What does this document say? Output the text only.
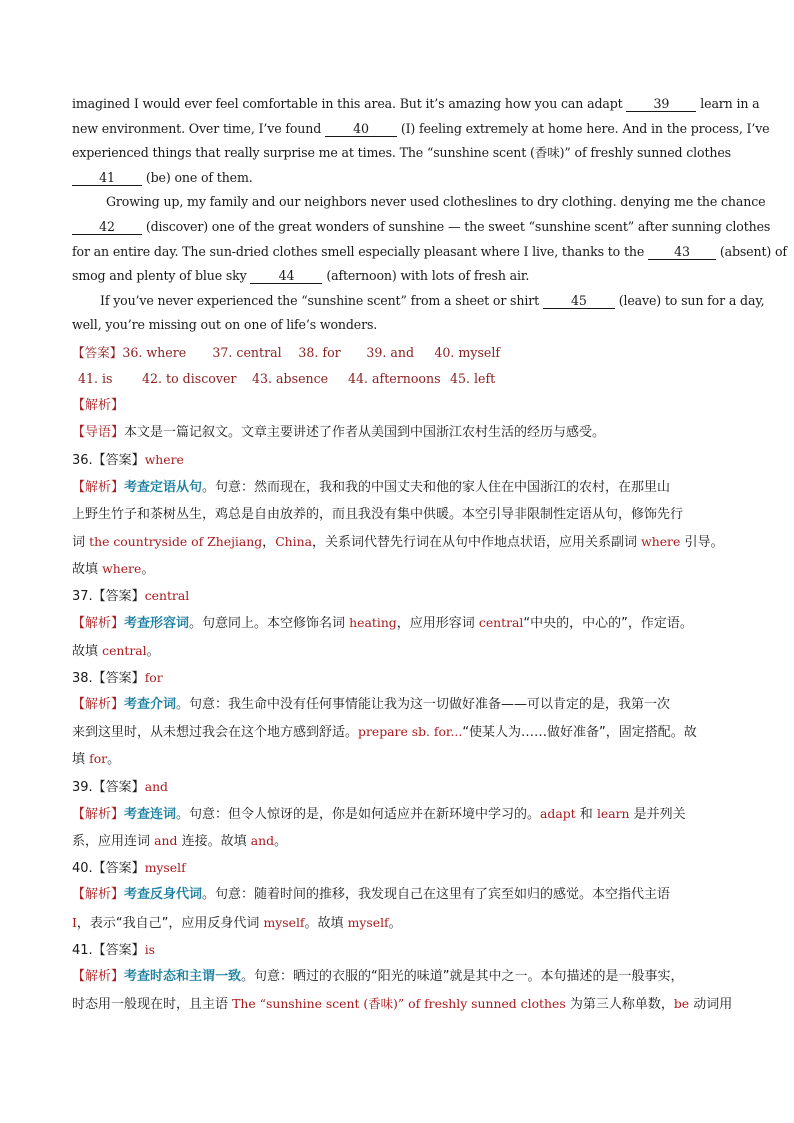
imagined I would ever feel comfortable in this area. But it’s amazing how you can adapt 39 learn in a
new environment. Over time, I’ve found 40 (I) feeling extremely at home here. And in the process, I’ve
experienced things that really surprise me at times. The “sunshine scent (香味)” of freshly sunned clothes
41 (be) one of them.
Growing up, my family and our neighbors never used clotheslines to dry clothing. denying me the chance
42 (discover) one of the great wonders of sunshine — the sweet “sunshine scent” after sunning clothes
for an entire day. The sun-dried clothes smell especially pleasant where I live, thanks to the 43 (absent) of
smog and plenty of blue sky 44 (afternoon) with lots of fresh air.
If you’ve never experienced the “sunshine scent” from a sheet or shirt 45 (leave) to sun for a day,
well, you’re missing out on one of life’s wonders.
【答案】36. where 37. central 38. for 39. and 40. myself
41. is 42. to discover 43. absence 44. afternoons 45. left
【解析】
【导语】本文是一篇记叙文。文章主要讲述了作者从美国到中国浙江农村生活的经历与感受。
36.【答案】where
【解析】考查定语从句。句意：然而现在，我和我的中国丈夫和他的家人住在中国浙江的农村，在那里山
上野生竹子和茶树丛生，鸡总是自由放养的，而且我没有集中供暖。本空引导非限制性定语从句，修饰先行
词 the countryside of Zhejiang，China，关系词代替先行词在从句中作地点状语，应用关系副词 where 引导。
故填 where。
37.【答案】central
【解析】考查形容词。句意同上。本空修饰名词 heating，应用形容词 central“中央的，中心的”，作定语。
故填 central。
38.【答案】for
【解析】考查介词。句意：我生命中没有任何事情能让我为这一切做好准备——可以肯定的是，我第一次
来到这里时，从未想过我会在这个地方感到舒适。prepare sb. for...“使某人为……做好准备”，固定搭配。故
填 for。
39.【答案】and
【解析】考查连词。句意：但令人惊讶的是，你是如何适应并在新环境中学习的。adapt 和 learn 是并列关
系，应用连词 and 连接。故填 and。
40.【答案】myself
【解析】考查反身代词。句意：随着时间的推移，我发现自己在这里有了宾至如归的感觉。本空指代主语
I，表示“我自己”，应用反身代词 myself。故填 myself。
41.【答案】is
【解析】考查时态和主谓一致。句意：晒过的衣服的“阳光的味道”就是其中之一。本句描述的是一般事实，
时态用一般现在时，且主语 The “sunshine scent (香味)” of freshly sunned clothes 为第三人称单数，be 动词用
